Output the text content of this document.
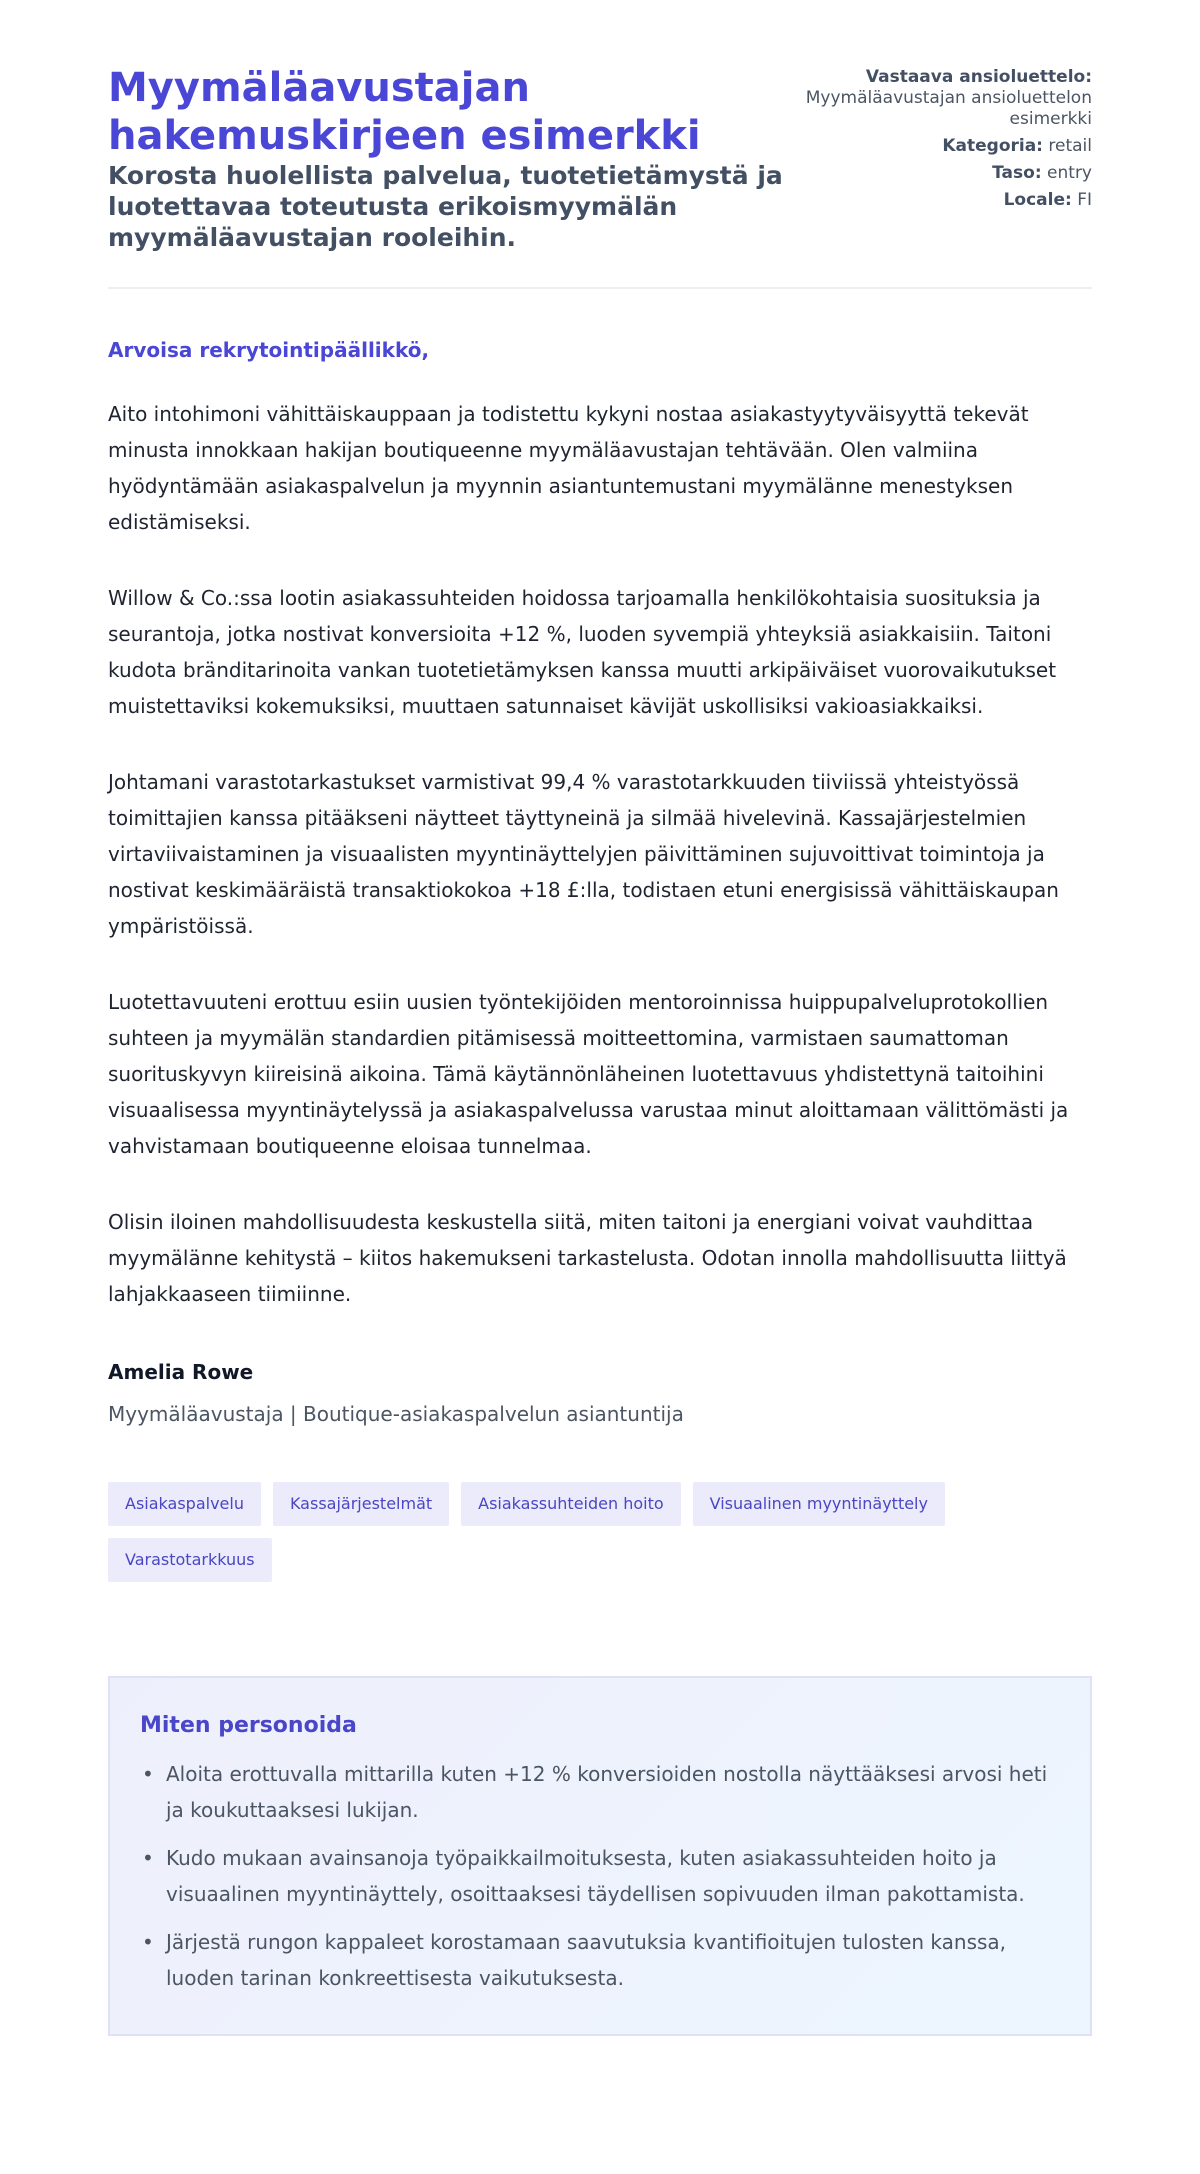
Myymäläavustajan hakemuskirjeen esimerkki
Korosta huolellista palvelua, tuotetietämystä ja luotettavaa toteutusta erikoismyymälän myymäläavustajan rooleihin.
Vastaava ansioluettelo:
Myymäläavustajan ansioluettelon esimerkki
Kategoria: retail
Taso: entry
Locale: FI
Arvoisa rekrytointipäällikkö,

Aito intohimoni vähittäiskauppaan ja todistettu kykyni nostaa asiakastyytyväisyyttä tekevät minusta innokkaan hakijan boutiqueenne myymäläavustajan tehtävään. Olen valmiina hyödyntämään asiakaspalvelun ja myynnin asiantuntemustani myymälänne menestyksen edistämiseksi.

Willow & Co.:ssa lootin asiakassuhteiden hoidossa tarjoamalla henkilökohtaisia suosituksia ja seurantoja, jotka nostivat konversioita +12 %, luoden syvempiä yhteyksiä asiakkaisiin. Taitoni kudota bränditarinoita vankan tuotetietämyksen kanssa muutti arkipäiväiset vuorovaikutukset muistettaviksi kokemuksiksi, muuttaen satunnaiset kävijät uskollisiksi vakioasiakkaiksi.

Johtamani varastotarkastukset varmistivat 99,4 % varastotarkkuuden tiiviissä yhteistyössä toimittajien kanssa pitääkseni näytteet täyttyneinä ja silmää hivelevinä. Kassajärjestelmien virtaviivaistaminen ja visuaalisten myyntinäyttelyjen päivittäminen sujuvoittivat toimintoja ja nostivat keskimääräistä transaktiokokoa +18 £:lla, todistaen etuni energisissä vähittäiskaupan ympäristöissä.

Luotettavuuteni erottuu esiin uusien työntekijöiden mentoroinnissa huippupalveluprotokollien suhteen ja myymälän standardien pitämisessä moitteettomina, varmistaen saumattoman suorituskyvyn kiireisinä aikoina. Tämä käytännönläheinen luotettavuus yhdistettynä taitoihini visuaalisessa myyntinäytelyssä ja asiakaspalvelussa varustaa minut aloittamaan välittömästi ja vahvistamaan boutiqueenne eloisaa tunnelmaa.

Olisin iloinen mahdollisuudesta keskustella siitä, miten taitoni ja energiani voivat vauhdittaa myymälänne kehitystä – kiitos hakemukseni tarkastelusta. Odotan innolla mahdollisuutta liittyä lahjakkaaseen tiimiinne.

Amelia Rowe
Myymäläavustaja | Boutique-asiakaspalvelun asiantuntija
Asiakaspalvelu	Kassajärjestelmät	Asiakassuhteiden hoito	Visuaalinen myyntinäyttely
Varastotarkkuus
Miten personoida
• Aloita erottuvalla mittarilla kuten +12 % konversioiden nostolla näyttääksesi arvosi heti ja koukuttaaksesi lukijan.
• Kudo mukaan avainsanoja työpaikkailmoituksesta, kuten asiakassuhteiden hoito ja visuaalinen myyntinäyttely, osoittaaksesi täydellisen sopivuuden ilman pakottamista.
• Järjestä rungon kappaleet korostamaan saavutuksia kvantifioitujen tulosten kanssa, luoden tarinan konkreettisesta vaikutuksesta.
